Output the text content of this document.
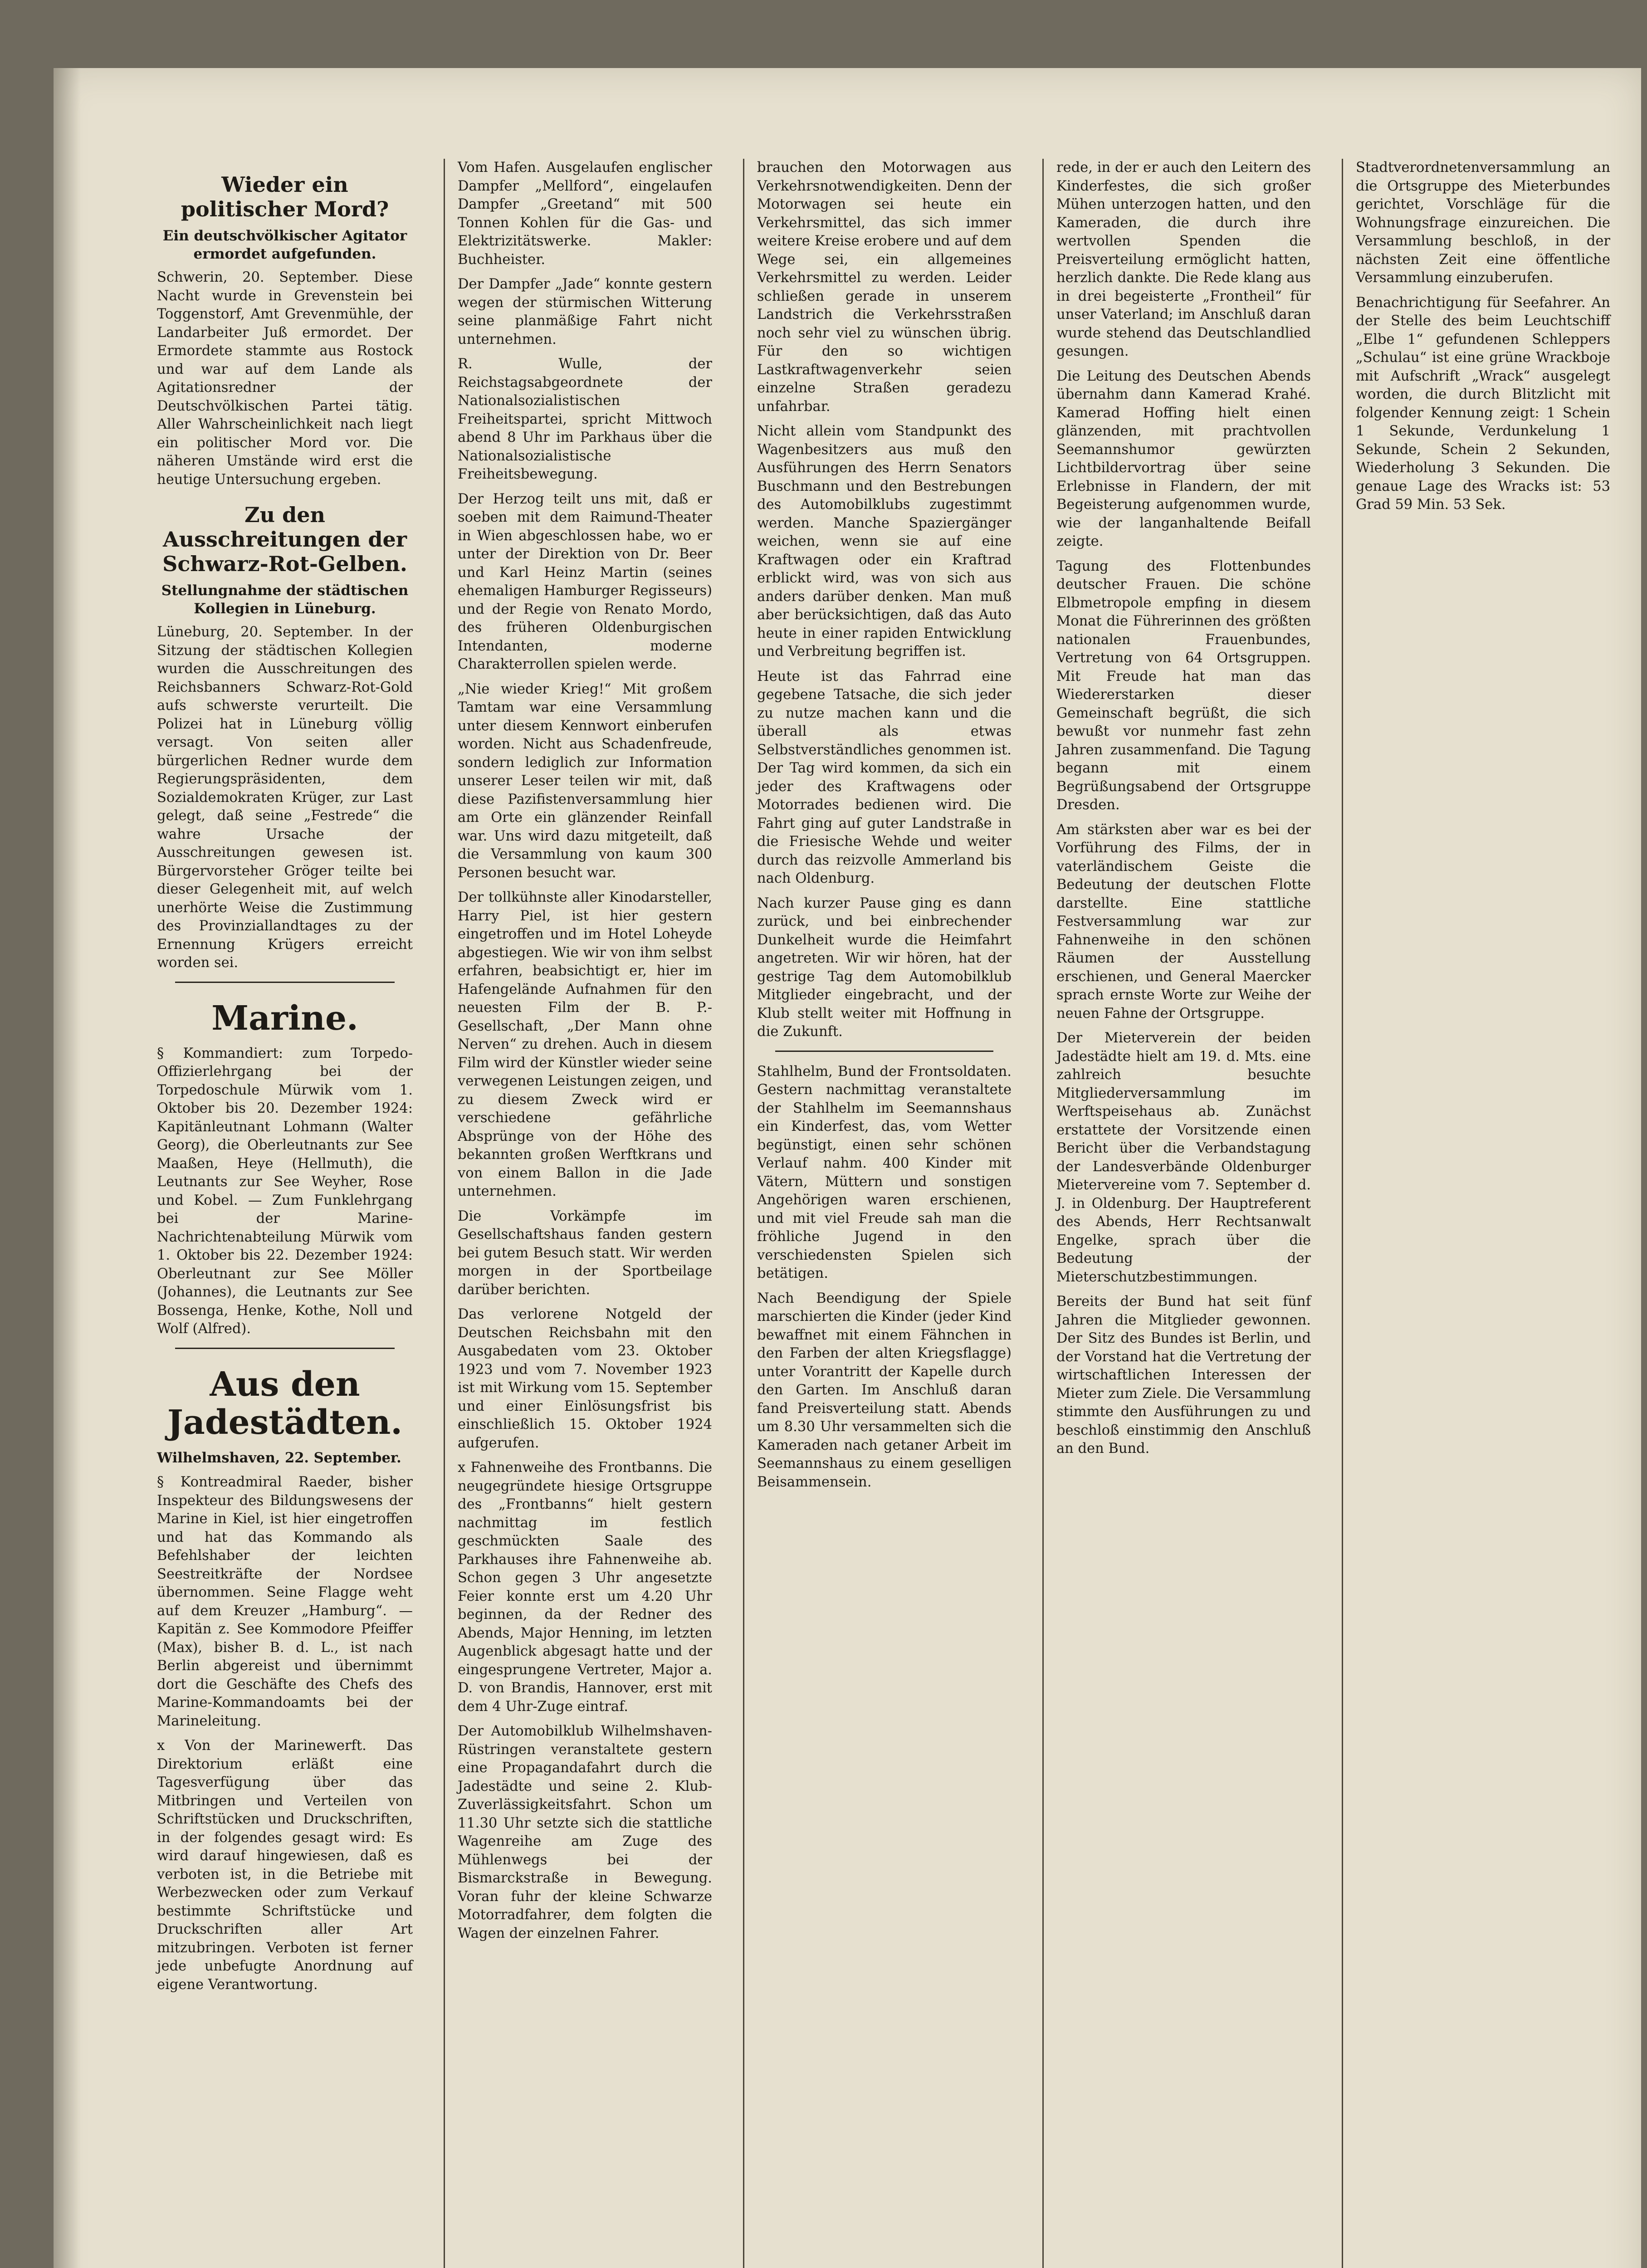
Wieder ein politischer Mord?
Ein deutschvölkischer Agitator ermordet aufgefunden.

Schwerin, 20. September. Diese Nacht wurde in Grevenstein bei Toggenstorf, Amt Grevenmühle, der Landarbeiter Juß ermordet. Der Ermordete stammte aus Rostock und war auf dem Lande als Agitationsredner der Deutschvölkischen Partei tätig. Aller Wahrscheinlichkeit nach liegt ein politischer Mord vor. Die näheren Umstände wird erst die heutige Untersuchung ergeben.

Zu den Ausschreitungen der Schwarz-Rot-Gelben.
Stellungnahme der städtischen Kollegien in Lüneburg.

Lüneburg, 20. September. In der Sitzung der städtischen Kollegien wurden die Ausschreitungen des Reichsbanners Schwarz-Rot-Gold aufs schwerste verurteilt. Die Polizei hat in Lüneburg völlig versagt. Von seiten aller bürgerlichen Redner wurde dem Regierungspräsidenten, dem Sozialdemokraten Krüger, zur Last gelegt, daß seine „Festrede“ die wahre Ursache der Ausschreitungen gewesen ist. Bürgervorsteher Gröger teilte bei dieser Gelegenheit mit, auf welch unerhörte Weise die Zustimmung des Provinziallandtages zu der Ernennung Krügers erreicht worden sei.

Marine.

§ Kommandiert: zum Torpedo-Offizierlehrgang bei der Torpedoschule Mürwik vom 1. Oktober bis 20. Dezember 1924: Kapitänleutnant Lohmann (Walter Georg), die Oberleutnants zur See Maaßen, Heye (Hellmuth), die Leutnants zur See Weyher, Rose und Kobel. — Zum Funklehrgang bei der Marine-Nachrichtenabteilung Mürwik vom 1. Oktober bis 22. Dezember 1924: Oberleutnant zur See Möller (Johannes), die Leutnants zur See Bossenga, Henke, Kothe, Noll und Wolf (Alfred).

Aus den Jadestädten.

Wilhelmshaven, 22. September.

§ Kontreadmiral Raeder, bisher Inspekteur des Bildungswesens der Marine in Kiel, ist hier eingetroffen und hat das Kommando als Befehlshaber der leichten Seestreitkräfte der Nordsee übernommen. Seine Flagge weht auf dem Kreuzer „Hamburg“. — Kapitän z. See Kommodore Pfeiffer (Max), bisher B. d. L., ist nach Berlin abgereist und übernimmt dort die Geschäfte des Chefs des Marine-Kommandoamts bei der Marineleitung.

x Von der Marinewerft. Das Direktorium erläßt eine Tagesverfügung über das Mitbringen und Verteilen von Schriftstücken und Druckschriften, in der folgendes gesagt wird: Es wird darauf hingewiesen, daß es verboten ist, in die Betriebe mit Werbezwecken oder zum Verkauf bestimmte Schriftstücke und Druckschriften aller Art mitzubringen. Verboten ist ferner jede unbefugte Anordnung auf eigene Verantwortung.

Vom Hafen. Ausgelaufen englischer Dampfer „Mellford“, eingelaufen Dampfer „Greetand“ mit 500 Tonnen Kohlen für die Gas- und Elektrizitätswerke. Makler: Buchheister.

Der Dampfer „Jade“ konnte gestern wegen der stürmischen Witterung seine planmäßige Fahrt nicht unternehmen.

R. Wulle, der Reichstagsabgeordnete der Nationalsozialistischen Freiheitspartei, spricht Mittwoch abend 8 Uhr im Parkhaus über die Nationalsozialistische Freiheitsbewegung.

Der Herzog teilt uns mit, daß er soeben mit dem Raimund-Theater in Wien abgeschlossen habe, wo er unter der Direktion von Dr. Beer und Karl Heinz Martin (seines ehemaligen Hamburger Regisseurs) und der Regie von Renato Mordo, des früheren Oldenburgischen Intendanten, moderne Charakterrollen spielen werde.

„Nie wieder Krieg!“ Mit großem Tamtam war eine Versammlung unter diesem Kennwort einberufen worden. Nicht aus Schadenfreude, sondern lediglich zur Information unserer Leser teilen wir mit, daß diese Pazifistenversammlung hier am Orte ein glänzender Reinfall war. Uns wird dazu mitgeteilt, daß die Versammlung von kaum 300 Personen besucht war.

Der tollkühnste aller Kinodarsteller, Harry Piel, ist hier gestern eingetroffen und im Hotel Loheyde abgestiegen. Wie wir von ihm selbst erfahren, beabsichtigt er, hier im Hafengelände Aufnahmen für den neuesten Film der B. P.-Gesellschaft, „Der Mann ohne Nerven“ zu drehen. Auch in diesem Film wird der Künstler wieder seine verwegenen Leistungen zeigen, und zu diesem Zweck wird er verschiedene gefährliche Absprünge von der Höhe des bekannten großen Werftkrans und von einem Ballon in die Jade unternehmen.

Die Vorkämpfe im Gesellschaftshaus fanden gestern bei gutem Besuch statt. Wir werden morgen in der Sportbeilage darüber berichten.

Das verlorene Notgeld der Deutschen Reichsbahn mit den Ausgabedaten vom 23. Oktober 1923 und vom 7. November 1923 ist mit Wirkung vom 15. September und einer Einlösungsfrist bis einschließlich 15. Oktober 1924 aufgerufen.

x Fahnenweihe des Frontbanns. Die neugegründete hiesige Ortsgruppe des „Frontbanns“ hielt gestern nachmittag im festlich geschmückten Saale des Parkhauses ihre Fahnenweihe ab. Schon gegen 3 Uhr angesetzte Feier konnte erst um 4.20 Uhr beginnen, da der Redner des Abends, Major Henning, im letzten Augenblick abgesagt hatte und der eingesprungene Vertreter, Major a. D. von Brandis, Hannover, erst mit dem 4 Uhr-Zuge eintraf.

Der Automobilklub Wilhelmshaven-Rüstringen veranstaltete gestern eine Propagandafahrt durch die Jadestädte und seine 2. Klub-Zuverlässigkeitsfahrt. Schon um 11.30 Uhr setzte sich die stattliche Wagenreihe am Zuge des Mühlenwegs bei der Bismarckstraße in Bewegung. Voran fuhr der kleine Schwarze Motorradfahrer, dem folgten die Wagen der einzelnen Fahrer.

brauchen den Motorwagen aus Verkehrsnotwendigkeiten. Denn der Motorwagen sei heute ein Verkehrsmittel, das sich immer weitere Kreise erobere und auf dem Wege sei, ein allgemeines Verkehrsmittel zu werden. Leider schließen gerade in unserem Landstrich die Verkehrsstraßen noch sehr viel zu wünschen übrig. Für den so wichtigen Lastkraftwagenverkehr seien einzelne Straßen geradezu unfahrbar.

Nicht allein vom Standpunkt des Wagenbesitzers aus muß den Ausführungen des Herrn Senators Buschmann und den Bestrebungen des Automobilklubs zugestimmt werden. Manche Spaziergänger weichen, wenn sie auf eine Kraftwagen oder ein Kraftrad erblickt wird, was von sich aus anders darüber denken. Man muß aber berücksichtigen, daß das Auto heute in einer rapiden Entwicklung und Verbreitung begriffen ist.

Heute ist das Fahrrad eine gegebene Tatsache, die sich jeder zu nutze machen kann und die überall als etwas Selbstverständliches genommen ist. Der Tag wird kommen, da sich ein jeder des Kraftwagens oder Motorrades bedienen wird. Die Fahrt ging auf guter Landstraße in die Friesische Wehde und weiter durch das reizvolle Ammerland bis nach Oldenburg.

Nach kurzer Pause ging es dann zurück, und bei einbrechender Dunkelheit wurde die Heimfahrt angetreten. Wir wir hören, hat der gestrige Tag dem Automobilklub Mitglieder eingebracht, und der Klub stellt weiter mit Hoffnung in die Zukunft.

Stahlhelm, Bund der Frontsoldaten. Gestern nachmittag veranstaltete der Stahlhelm im Seemannshaus ein Kinderfest, das, vom Wetter begünstigt, einen sehr schönen Verlauf nahm. 400 Kinder mit Vätern, Müttern und sonstigen Angehörigen waren erschienen, und mit viel Freude sah man die fröhliche Jugend in den verschiedensten Spielen sich betätigen.

Nach Beendigung der Spiele marschierten die Kinder (jeder Kind bewaffnet mit einem Fähnchen in den Farben der alten Kriegsflagge) unter Vorantritt der Kapelle durch den Garten. Im Anschluß daran fand Preisverteilung statt. Abends um 8.30 Uhr versammelten sich die Kameraden nach getaner Arbeit im Seemannshaus zu einem geselligen Beisammensein.

rede, in der er auch den Leitern des Kinderfestes, die sich großer Mühen unterzogen hatten, und den Kameraden, die durch ihre wertvollen Spenden die Preisverteilung ermöglicht hatten, herzlich dankte. Die Rede klang aus in drei begeisterte „Frontheil“ für unser Vaterland; im Anschluß daran wurde stehend das Deutschlandlied gesungen.

Die Leitung des Deutschen Abends übernahm dann Kamerad Krahé. Kamerad Hoffing hielt einen glänzenden, mit prachtvollen Seemannshumor gewürzten Lichtbildervortrag über seine Erlebnisse in Flandern, der mit Begeisterung aufgenommen wurde, wie der langanhaltende Beifall zeigte.

Tagung des Flottenbundes deutscher Frauen. Die schöne Elbmetropole empfing in diesem Monat die Führerinnen des größten nationalen Frauenbundes, Vertretung von 64 Ortsgruppen. Mit Freude hat man das Wiedererstarken dieser Gemeinschaft begrüßt, die sich bewußt vor nunmehr fast zehn Jahren zusammenfand. Die Tagung begann mit einem Begrüßungsabend der Ortsgruppe Dresden.

Am stärksten aber war es bei der Vorführung des Films, der in vaterländischem Geiste die Bedeutung der deutschen Flotte darstellte. Eine stattliche Festversammlung war zur Fahnenweihe in den schönen Räumen der Ausstellung erschienen, und General Maercker sprach ernste Worte zur Weihe der neuen Fahne der Ortsgruppe.

Der Mieterverein der beiden Jadestädte hielt am 19. d. Mts. eine zahlreich besuchte Mitgliederversammlung im Werftspeisehaus ab. Zunächst erstattete der Vorsitzende einen Bericht über die Verbandstagung der Landesverbände Oldenburger Mietervereine vom 7. September d. J. in Oldenburg. Der Hauptreferent des Abends, Herr Rechtsanwalt Engelke, sprach über die Bedeutung der Mieterschutzbestimmungen.

Bereits der Bund hat seit fünf Jahren die Mitglieder gewonnen. Der Sitz des Bundes ist Berlin, und der Vorstand hat die Vertretung der wirtschaftlichen Interessen der Mieter zum Ziele. Die Versammlung stimmte den Ausführungen zu und beschloß einstimmig den Anschluß an den Bund.

Stadtverordnetenversammlung an die Ortsgruppe des Mieterbundes gerichtet, Vorschläge für die Wohnungsfrage einzureichen. Die Versammlung beschloß, in der nächsten Zeit eine öffentliche Versammlung einzuberufen.

Benachrichtigung für Seefahrer. An der Stelle des beim Leuchtschiff „Elbe 1“ gefundenen Schleppers „Schulau“ ist eine grüne Wrackboje mit Aufschrift „Wrack“ ausgelegt worden, die durch Blitzlicht mit folgender Kennung zeigt: 1 Schein 1 Sekunde, Verdunkelung 1 Sekunde, Schein 2 Sekunden, Wiederholung 3 Sekunden. Die genaue Lage des Wracks ist: 53 Grad 59 Min. 53 Sek.
